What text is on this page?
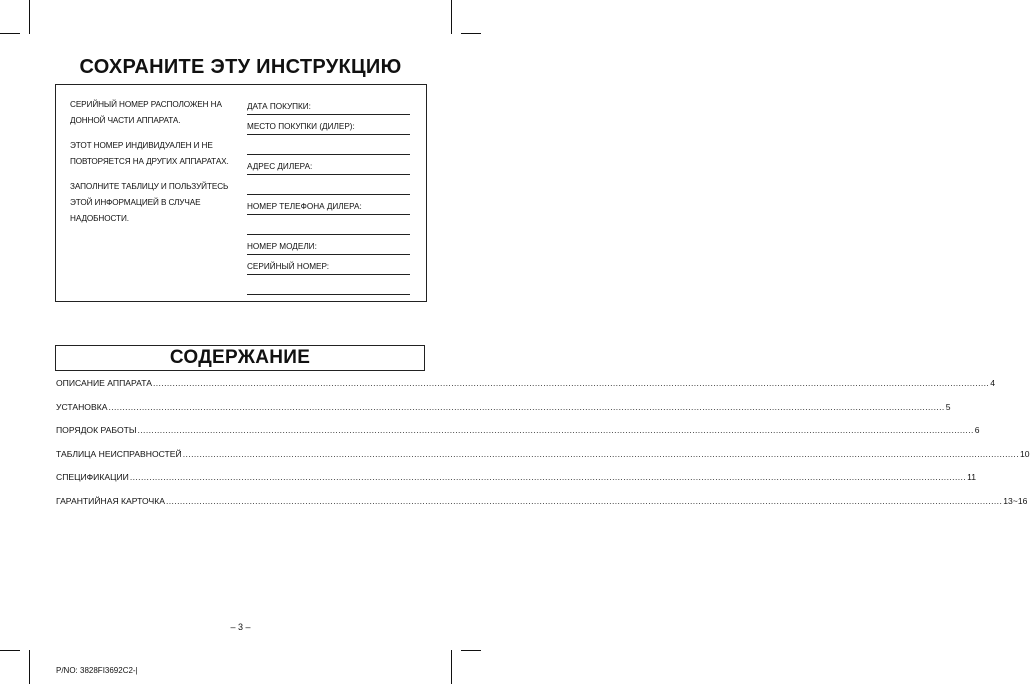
СОХРАНИТЕ ЭТУ ИНСТРУКЦИЮ

СЕРИЙНЫЙ НОМЕР РАСПОЛОЖЕН НА
ДОННОЙ ЧАСТИ АППАРАТА.

ЭТОТ НОМЕР ИНДИВИДУАЛЕН И НЕ
ПОВТОРЯЕТСЯ НА ДРУГИХ АППАРАТАХ.

ЗАПОЛНИТЕ ТАБЛИЦУ И ПОЛЬЗУЙТЕСЬ
ЭТОЙ ИНФОРМАЦИЕЙ В СЛУЧАЕ
НАДОБНОСТИ.

ДАТА ПОКУПКИ:
МЕСТО ПОКУПКИ (ДИЛЕР):
АДРЕС ДИЛЕРА:
НОМЕР ТЕЛЕФОНА ДИЛЕРА:
НОМЕР МОДЕЛИ:
СЕРИЙНЫЙ НОМЕР:
СОДЕРЖАНИЕ
ОПИСАНИЕ АППАРАТА ............................................................................................................................................................................................................................................................................................................ 4
УСТАНОВКА ............................................................................................................................................................................................................................................................................................................ 5
ПОРЯДОК РАБОТЫ ............................................................................................................................................................................................................................................................................................................ 6
ТАБЛИЦА НЕИСПРАВНОСТЕЙ ............................................................................................................................................................................................................................................................................................................ 10
СПЕЦИФИКАЦИИ ............................................................................................................................................................................................................................................................................................................ 11
ГАРАНТИЙНАЯ КАРТОЧКА ............................................................................................................................................................................................................................................................................................................ 13~16
– 3 –
P/NO: 3828FI3692C2-|
